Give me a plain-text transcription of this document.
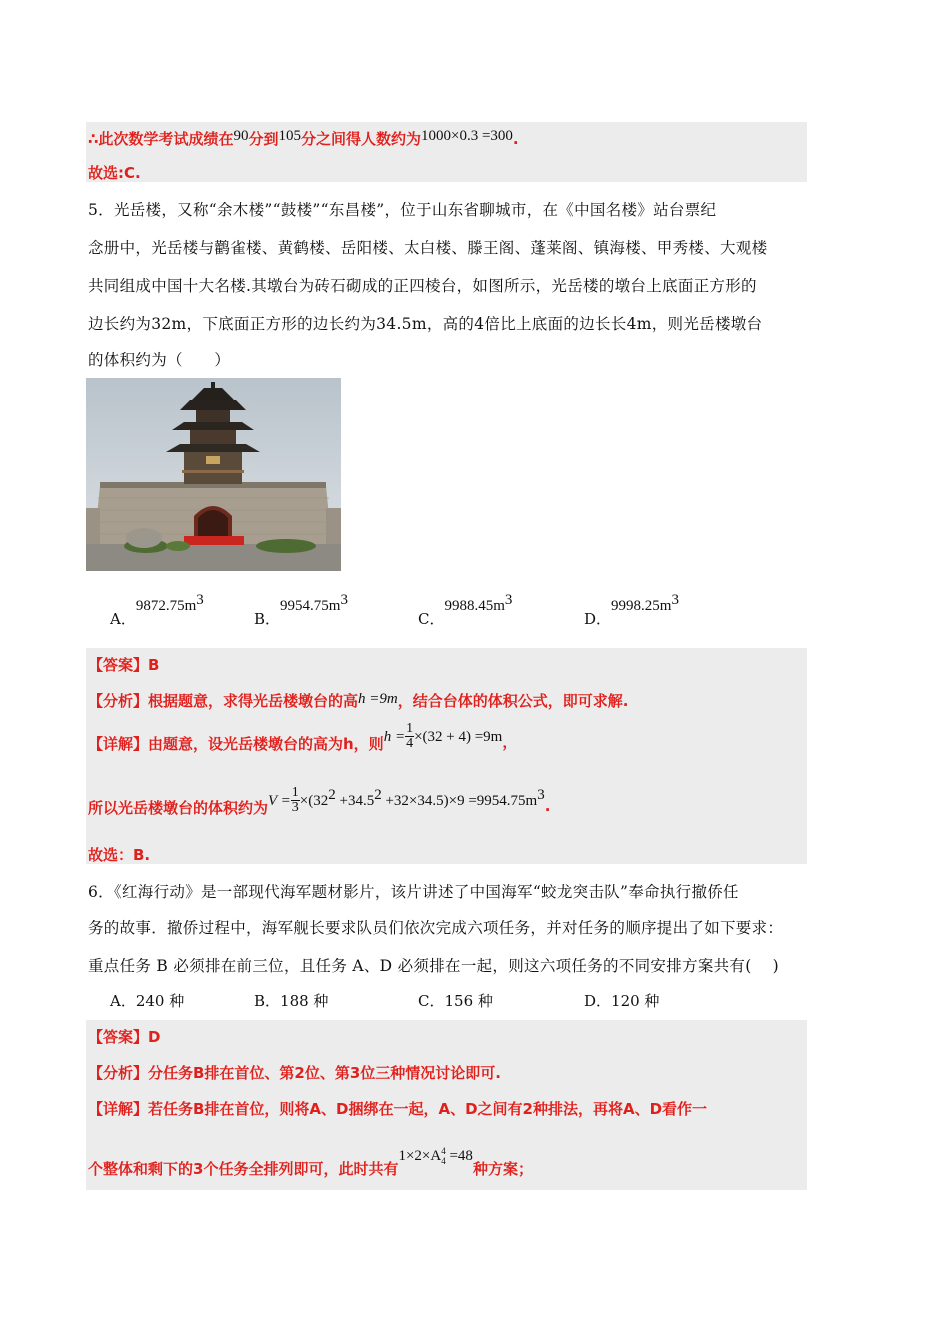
∴此次数学考试成绩在90分到105分之间得人数约为1000×0.3 =300.
故选:C.
5．光岳楼，又称“余木楼”“鼓楼”“东昌楼”，位于山东省聊城市，在《中国名楼》站台票纪
念册中，光岳楼与鹳雀楼、黄鹤楼、岳阳楼、太白楼、滕王阁、蓬莱阁、镇海楼、甲秀楼、大观楼
共同组成中国十大名楼.其墩台为砖石砌成的正四棱台，如图所示，光岳楼的墩台上底面正方形的
边长约为32m，下底面正方形的边长约为34.5m，高的4倍比上底面的边长长4m，则光岳楼墩台
的体积约为（　　）
A．$9872.75m^3$
B．$9954.75m^3$
C．$9988.45m^3$
D．$9998.25m^3$
【答案】B
【分析】根据题意，求得光岳楼墩台的高h =9m，结合台体的体积公式，即可求解.
【详解】由题意，设光岳楼墩台的高为h，则$h = \frac{1}{4} \times(32 + 4) =9m$，
所以光岳楼墩台的体积约为$V = \frac{1}{3} \times(32^2 +34.5^2 +32\times 34.5)\times 9 =9954.75m^3$.
故选：B.
6．《红海行动》是一部现代海军题材影片，该片讲述了中国海军“蛟龙突击队”奉命执行撤侨任
务的故事．撤侨过程中，海军舰长要求队员们依次完成六项任务，并对任务的顺序提出了如下要求：
重点任务 B 必须排在前三位，且任务 A、D 必须排在一起，则这六项任务的不同安排方案共有(　 )
A．240 种	B．188 种	C．156 种	D．120 种
【答案】D
【分析】分任务B排在首位、第2位、第3位三种情况讨论即可.
【详解】若任务B排在首位，则将A、D捆绑在一起，A、D之间有2种排法，再将A、D看作一
个整体和剩下的3个任务全排列即可，此时共有1×2×A 4
4 =48种方案；
